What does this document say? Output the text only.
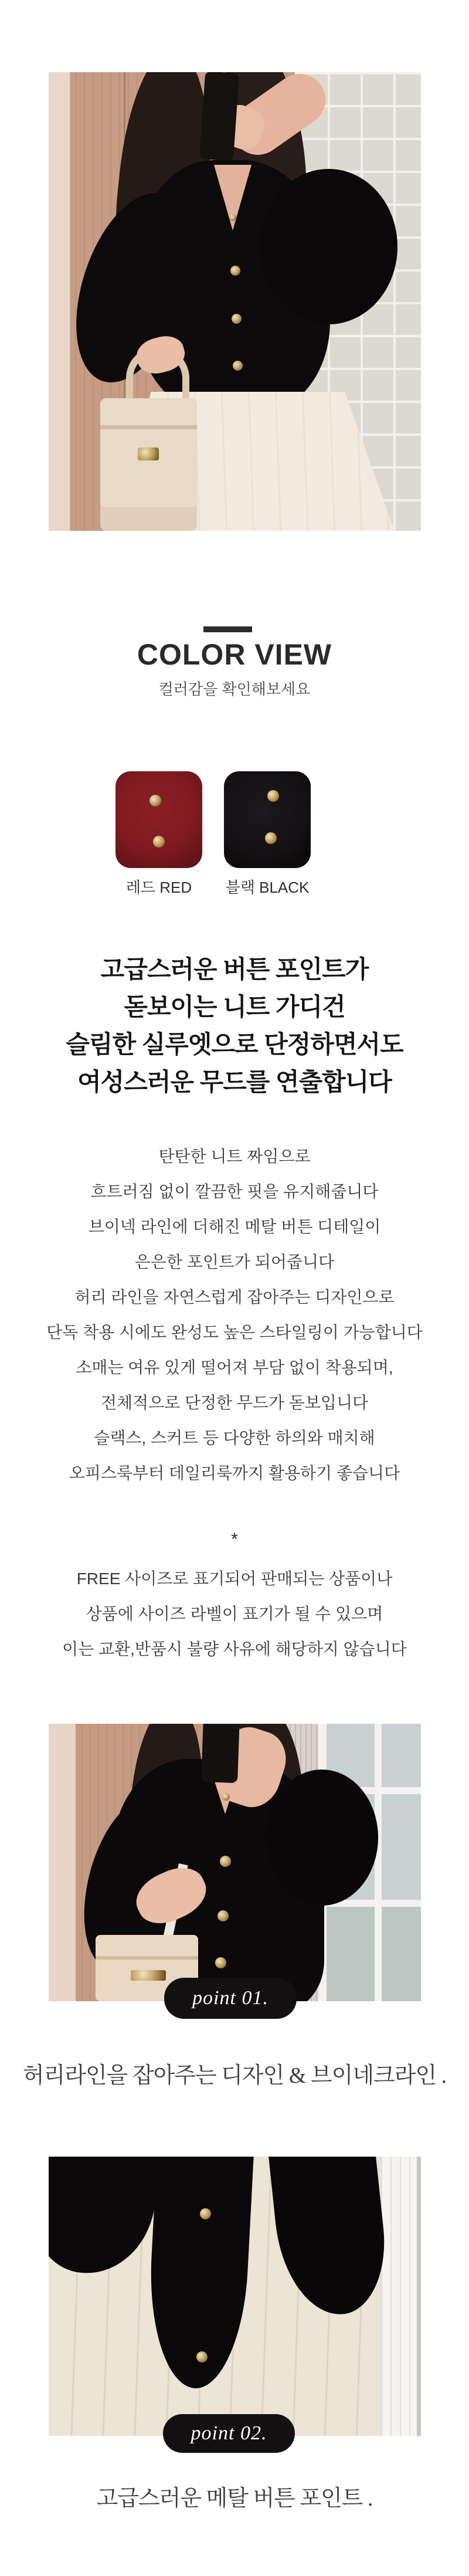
COLOR VIEW

컬러감을 확인해보세요

레드 RED	블랙 BLACK
고급스러운 버튼 포인트가
돋보이는 니트 가디건
슬림한 실루엣으로 단정하면서도
여성스러운 무드를 연출합니다
탄탄한 니트 짜임으로
흐트러짐 없이 깔끔한 핏을 유지해줍니다
브이넥 라인에 더해진 메탈 버튼 디테일이
은은한 포인트가 되어줍니다
허리 라인을 자연스럽게 잡아주는 디자인으로
단독 착용 시에도 완성도 높은 스타일링이 가능합니다
소매는 여유 있게 떨어져 부담 없이 착용되며,
전체적으로 단정한 무드가 돋보입니다
슬랙스, 스커트 등 다양한 하의와 매치해
오피스룩부터 데일리룩까지 활용하기 좋습니다
*
FREE 사이즈로 표기되어 판매되는 상품이나
상품에 사이즈 라벨이 표기가 될 수 있으며
이는 교환,반품시 불량 사유에 해당하지 않습니다
point 01.
허리라인을 잡아주는 디자인 & 브이네크라인 .
point 02.
고급스러운 메탈 버튼 포인트 .
